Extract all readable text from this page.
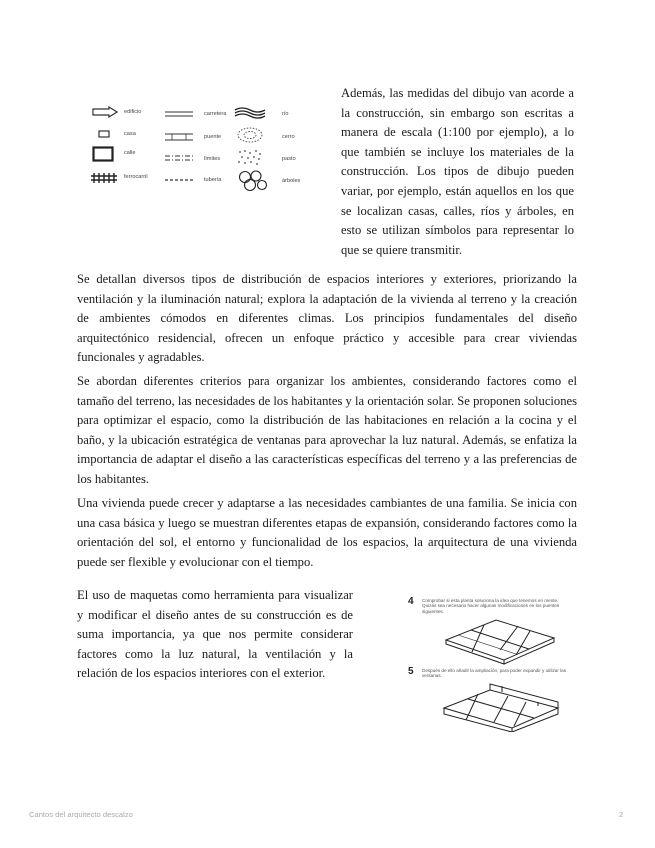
Además, las medidas del dibujo van acorde a la construcción, sin embargo son escritas a manera de escala (1:100 por ejemplo), a lo que también se incluye los materiales de la construcción. Los tipos de dibujo pueden variar, por ejemplo, están aquellos en los que se localizan casas, calles, ríos y árboles, en esto se utilizan símbolos para representar lo que se quiere transmitir.
edificio
casa
calle
ferrocarril
carretera
puente
límites
tubería
río
cerro
pasto
árboles
Se detallan diversos tipos de distribución de espacios interiores y exteriores, priorizando la ventilación y la iluminación natural; explora la adaptación de la vivienda al terreno y la creación de ambientes cómodos en diferentes climas. Los principios fundamentales del diseño arquitectónico residencial, ofrecen un enfoque práctico y accesible para crear viviendas funcionales y agradables.
Se abordan diferentes criterios para organizar los ambientes, considerando factores como el tamaño del terreno, las necesidades de los habitantes y la orientación solar. Se proponen soluciones para optimizar el espacio, como la distribución de las habitaciones en relación a la cocina y el baño, y la ubicación estratégica de ventanas para aprovechar la luz natural. Además, se enfatiza la importancia de adaptar el diseño a las características específicas del terreno y a las preferencias de los habitantes.
Una vivienda puede crecer y adaptarse a las necesidades cambiantes de una familia. Se inicia con una casa básica y luego se muestran diferentes etapas de expansión, considerando factores como la orientación del sol, el entorno y funcionalidad de los espacios, la arquitectura de una vivienda puede ser flexible y evolucionar con el tiempo.
El uso de maquetas como herramienta para visualizar y modificar el diseño antes de su construcción es de suma importancia, ya que nos permite considerar factores como la luz natural, la ventilación y la relación de los espacios interiores con el exterior.
4 Comprobar si esta planta soluciona la idea que tenemos en mente. Quizás sea necesario hacer algunas modificaciones en los puentes siguientes.
5 Después de ello añadir la ampliación, para poder expandir y utilizar las ventanas.
Cantos del arquitecto descalzo	2
